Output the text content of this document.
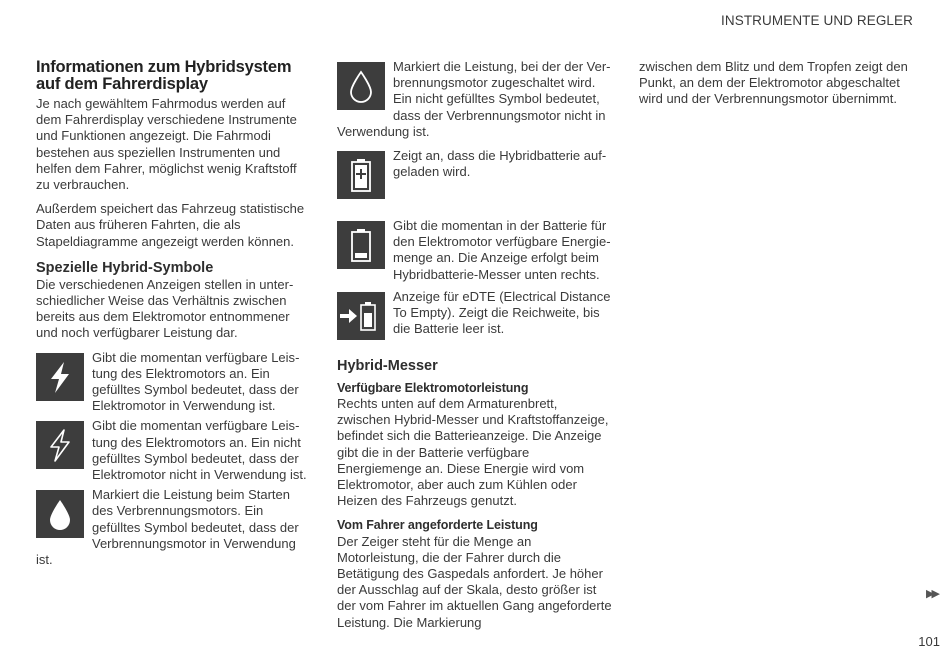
INSTRUMENTE UND REGLER
Informationen zum Hybridsystem auf dem Fahrerdisplay

Je nach gewähltem Fahrmodus werden auf dem Fahrerdisplay verschiedene Instrumente und Funktionen angezeigt. Die Fahrmodi bestehen aus speziellen Instrumenten und helfen dem Fahrer, möglichst wenig Kraftstoff zu verbrauchen.

Außerdem speichert das Fahrzeug statistische Daten aus früheren Fahrten, die als Stapeldiagramme angezeigt werden können.

Spezielle Hybrid-Symbole

Die verschiedenen Anzeigen stellen in unterschiedlicher Weise das Verhältnis zwischen bereits aus dem Elektromotor entnommener und noch verfügbarer Leistung dar.

Gibt die momentan verfügbare Leistung des Elektromotors an. Ein gefülltes Symbol bedeutet, dass der Elektromotor in Verwendung ist.

Gibt die momentan verfügbare Leistung des Elektromotors an. Ein nicht gefülltes Symbol bedeutet, dass der Elektromotor nicht in Verwendung ist.

Markiert die Leistung beim Starten des Verbrennungsmotors. Ein gefülltes Symbol bedeutet, dass der Verbrennungsmotor in Verwendung ist.

Markiert die Leistung, bei der der Verbrennungsmotor zugeschaltet wird. Ein nicht gefülltes Symbol bedeutet, dass der Verbrennungsmotor nicht in Verwendung ist.

Zeigt an, dass die Hybridbatterie aufgeladen wird.

Gibt die momentan in der Batterie für den Elektromotor verfügbare Energiemenge an. Die Anzeige erfolgt beim Hybridbatterie-Messer unten rechts.

Anzeige für eDTE (Electrical Distance To Empty). Zeigt die Reichweite, bis die Batterie leer ist.

Hybrid-Messer
Verfügbare Elektromotorleistung

Rechts unten auf dem Armaturenbrett, zwischen Hybrid-Messer und Kraftstoffanzeige, befindet sich die Batterieanzeige. Die Anzeige gibt die in der Batterie verfügbare Energiemenge an. Diese Energie wird vom Elektromotor, aber auch zum Kühlen oder Heizen des Fahrzeugs genutzt.

Vom Fahrer angeforderte Leistung

Der Zeiger steht für die Menge an Motorleistung, die der Fahrer durch die Betätigung des Gaspedals anfordert. Je höher der Ausschlag auf der Skala, desto größer ist der vom Fahrer im aktuellen Gang angeforderte Leistung. Die Markierung

zwischen dem Blitz und dem Tropfen zeigt den Punkt, an dem der Elektromotor abgeschaltet wird und der Verbrennungsmotor übernimmt.

▶▶
101
